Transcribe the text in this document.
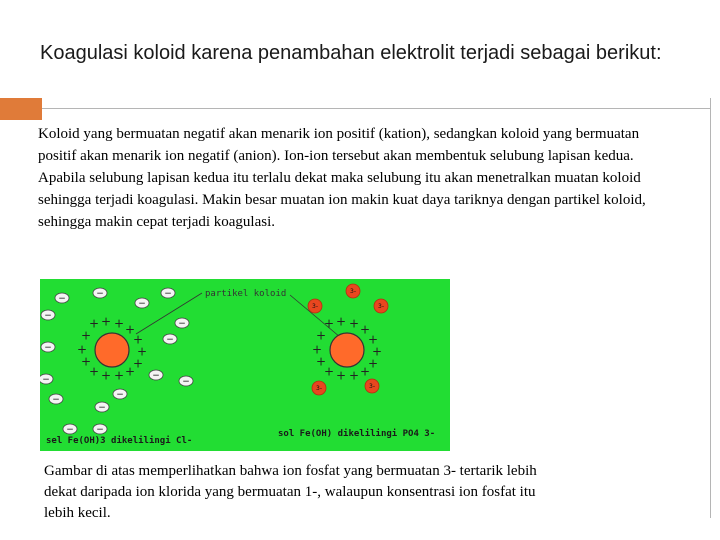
Koagulasi koloid karena penambahan elektrolit terjadi sebagai berikut:
Koloid yang bermuatan negatif akan menarik ion positif (kation), sedangkan koloid yang bermuatan positif akan menarik ion negatif (anion). Ion-ion tersebut akan membentuk selubung lapisan kedua. Apabila selubung lapisan kedua itu terlalu dekat maka selubung itu akan menetralkan muatan koloid sehingga terjadi koagulasi. Makin besar muatan ion makin kuat daya tariknya dengan partikel koloid, sehingga makin cepat terjadi koagulasi.
partikel koloid
+ + + +
+	+
+	+
+	+
+ + + +
−	−
−
−
−
−
−
−
−
−
−
−
−
−
−
−
+ + + +
+	+
+	+
+	+
+ + + +
3-
3-	3-
3-	3-
sel Fe(OH)3 dikelilingi Cl-
sol Fe(OH) dikelilingi PO4 3-
Gambar di atas memperlihatkan bahwa ion fosfat yang bermuatan 3- tertarik lebih dekat daripada ion klorida yang bermuatan 1-, walaupun konsentrasi ion fosfat itu lebih kecil.
